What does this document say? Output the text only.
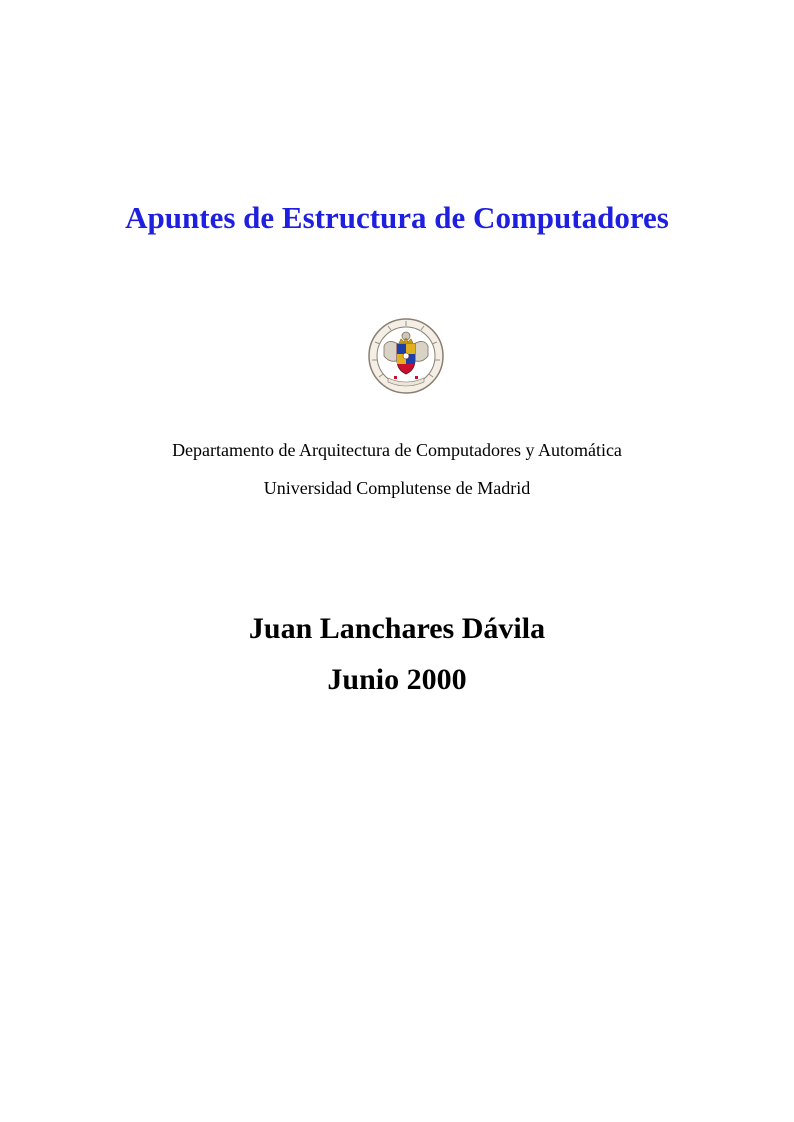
Apuntes de Estructura de Computadores
Departamento de Arquitectura de Computadores y Automática
Universidad Complutense de Madrid
Juan Lanchares Dávila
Junio 2000
